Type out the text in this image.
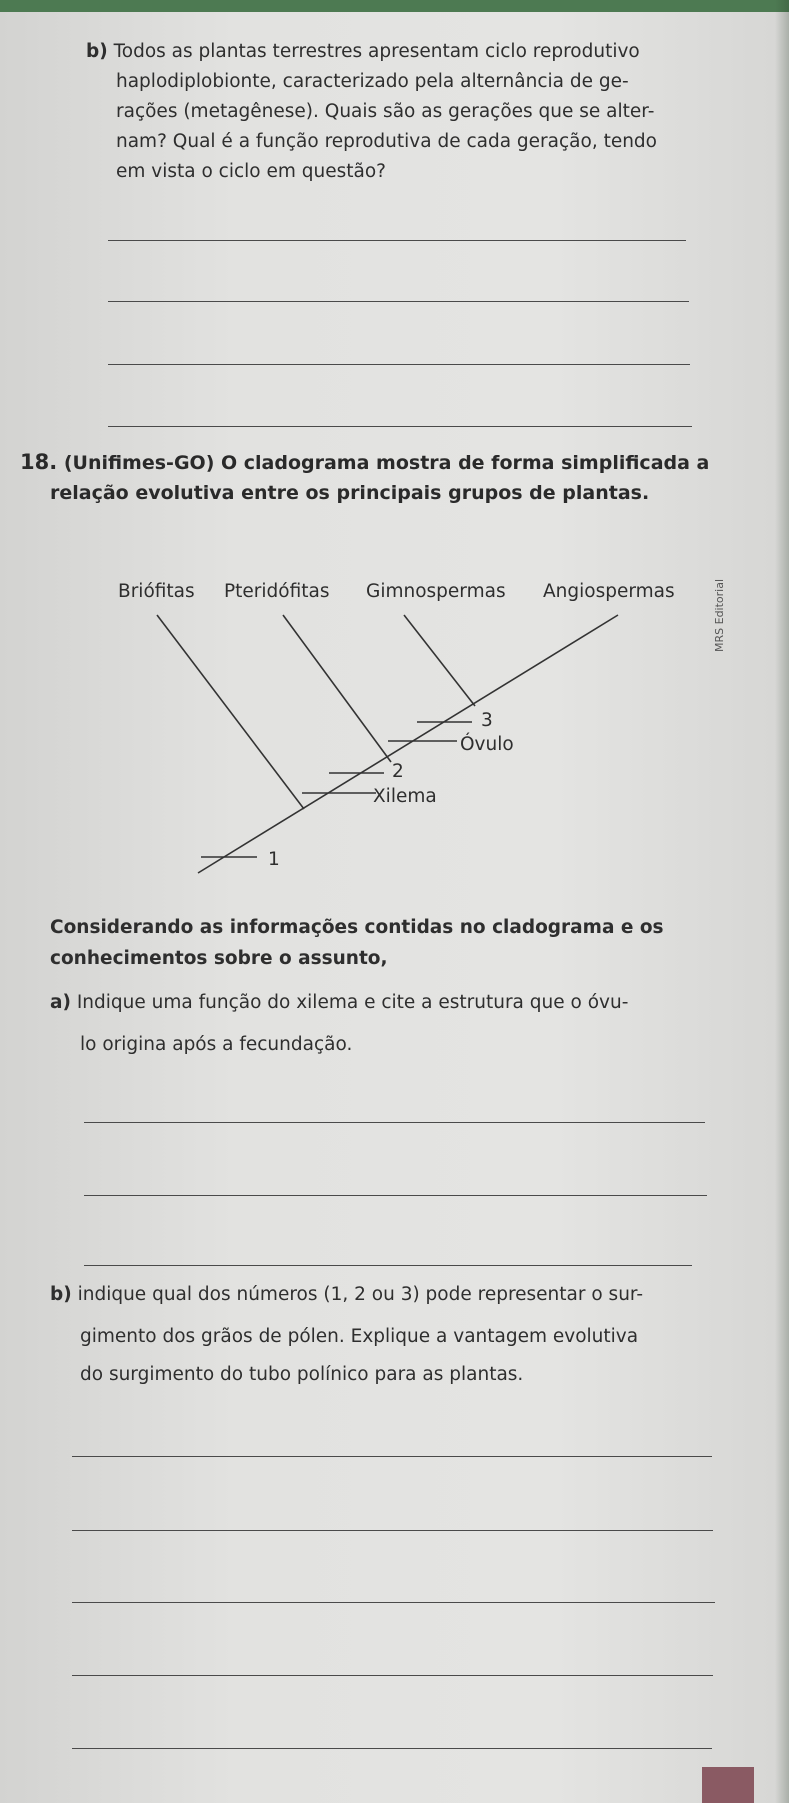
b) Todos as plantas terrestres apresentam ciclo reprodutivo

haplodiplobionte, caracterizado pela alternância de ge-

rações (metagênese). Quais são as gerações que se alter-

nam? Qual é a função reprodutiva de cada geração, tendo

em vista o ciclo em questão?

18. (Unifimes-GO) O cladograma mostra de forma simplificada a

relação evolutiva entre os principais grupos de plantas.

Briófitas Pteridófitas Gimnospermas Angiospermas
1
2
Xilema
3
Óvulo
MRS Editorial

Considerando as informações contidas no cladograma e os

conhecimentos sobre o assunto,

a) Indique uma função do xilema e cite a estrutura que o óvu-

lo origina após a fecundação.

b) indique qual dos números (1, 2 ou 3) pode representar o sur-

gimento dos grãos de pólen. Explique a vantagem evolutiva

do surgimento do tubo polínico para as plantas.
